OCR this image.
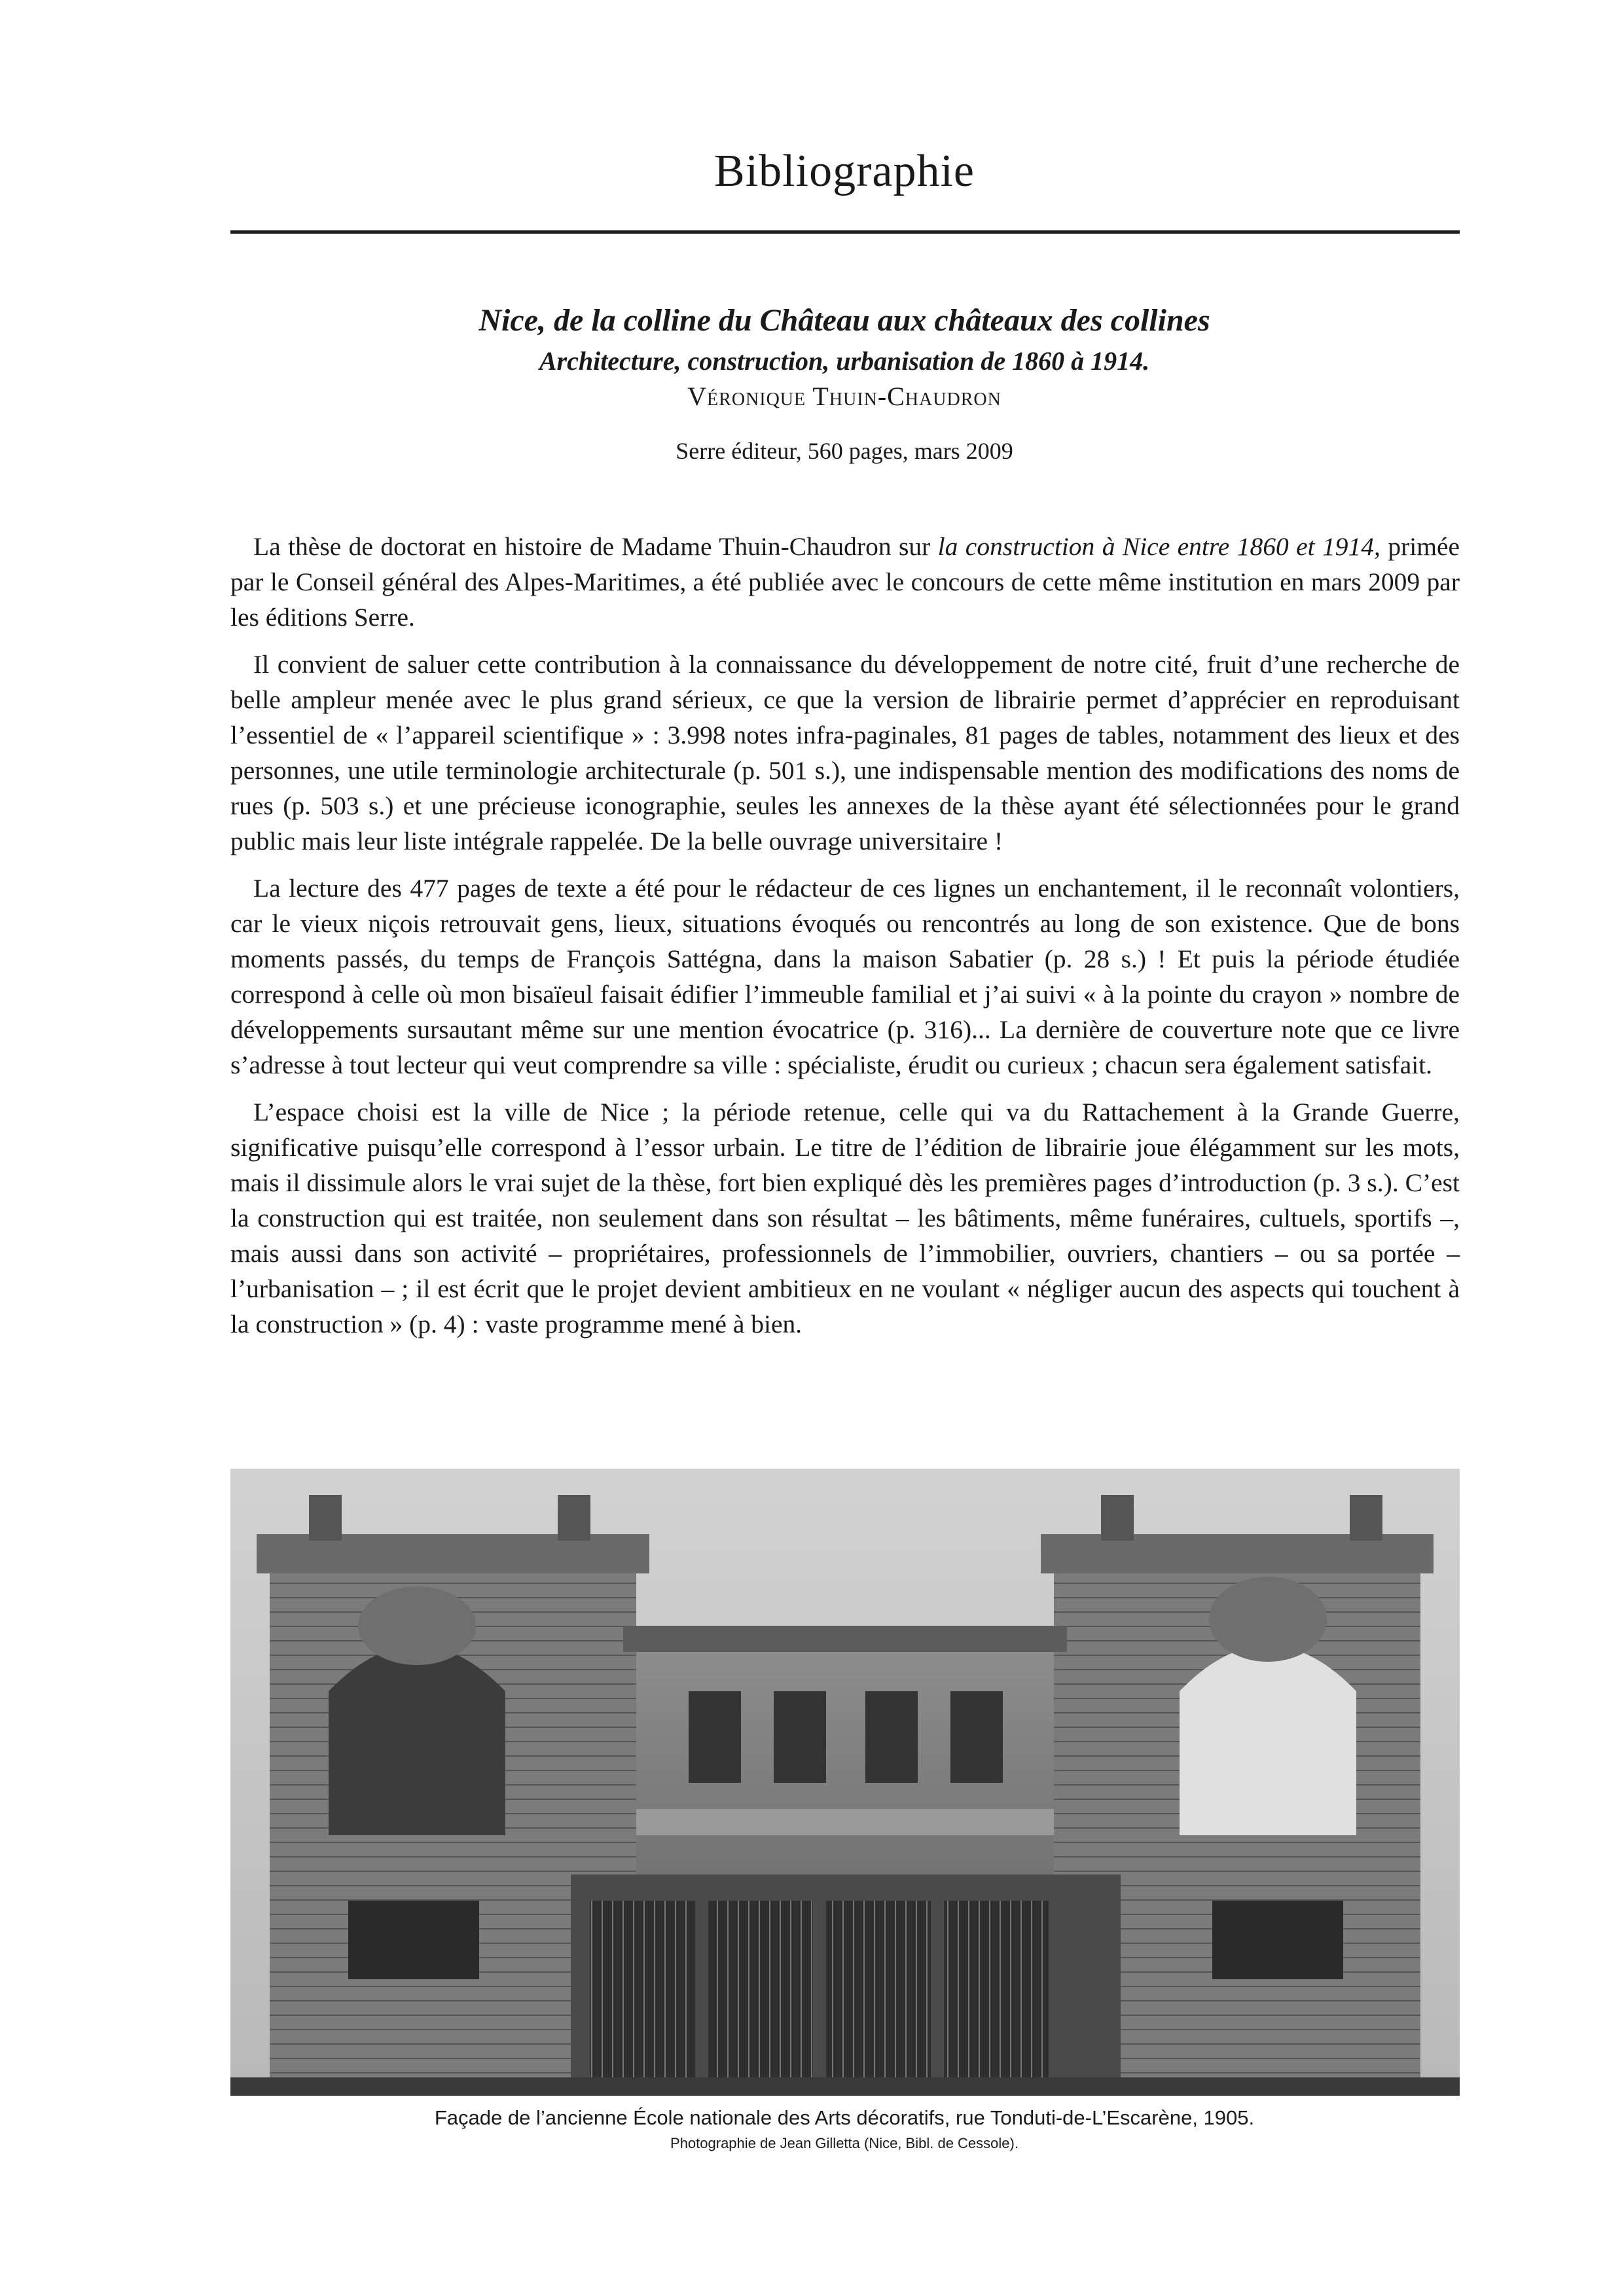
Bibliographie
Nice, de la colline du Château aux châteaux des collines
Architecture, construction, urbanisation de 1860 à 1914.
Véronique Thuin-Chaudron
Serre éditeur, 560 pages, mars 2009

La thèse de doctorat en histoire de Madame Thuin-Chaudron sur la construction à Nice entre 1860 et 1914, primée par le Conseil général des Alpes-Maritimes, a été publiée avec le concours de cette même institution en mars 2009 par les éditions Serre.

Il convient de saluer cette contribution à la connaissance du développement de notre cité, fruit d’une recherche de belle ampleur menée avec le plus grand sérieux, ce que la version de librairie permet d’apprécier en reproduisant l’essentiel de « l’appareil scientifique » : 3.998 notes infra-paginales, 81 pages de tables, notamment des lieux et des personnes, une utile terminologie architecturale (p. 501 s.), une indispensable mention des modifications des noms de rues (p. 503 s.) et une précieuse iconographie, seules les annexes de la thèse ayant été sélectionnées pour le grand public mais leur liste intégrale rappelée. De la belle ouvrage universitaire !

La lecture des 477 pages de texte a été pour le rédacteur de ces lignes un enchantement, il le reconnaît volontiers, car le vieux niçois retrouvait gens, lieux, situations évoqués ou rencontrés au long de son existence. Que de bons moments passés, du temps de François Sattégna, dans la maison Sabatier (p. 28 s.) ! Et puis la période étudiée correspond à celle où mon bisaïeul faisait édifier l’immeuble familial et j’ai suivi « à la pointe du crayon » nombre de développements sursautant même sur une mention évocatrice (p. 316)... La dernière de couverture note que ce livre s’adresse à tout lecteur qui veut comprendre sa ville : spécialiste, érudit ou curieux ; chacun sera également satisfait.

L’espace choisi est la ville de Nice ; la période retenue, celle qui va du Rattachement à la Grande Guerre, significative puisqu’elle correspond à l’essor urbain. Le titre de l’édition de librairie joue élégamment sur les mots, mais il dissimule alors le vrai sujet de la thèse, fort bien expliqué dès les premières pages d’introduction (p. 3 s.). C’est la construction qui est traitée, non seulement dans son résultat – les bâtiments, même funéraires, cultuels, sportifs –, mais aussi dans son activité – propriétaires, professionnels de l’immobilier, ouvriers, chantiers – ou sa portée – l’urbanisation – ; il est écrit que le projet devient ambitieux en ne voulant « négliger aucun des aspects qui touchent à la construction » (p. 4) : vaste programme mené à bien.

Façade de l’ancienne École nationale des Arts décoratifs, rue Tonduti-de-L’Escarène, 1905.
Photographie de Jean Gilletta (Nice, Bibl. de Cessole).
